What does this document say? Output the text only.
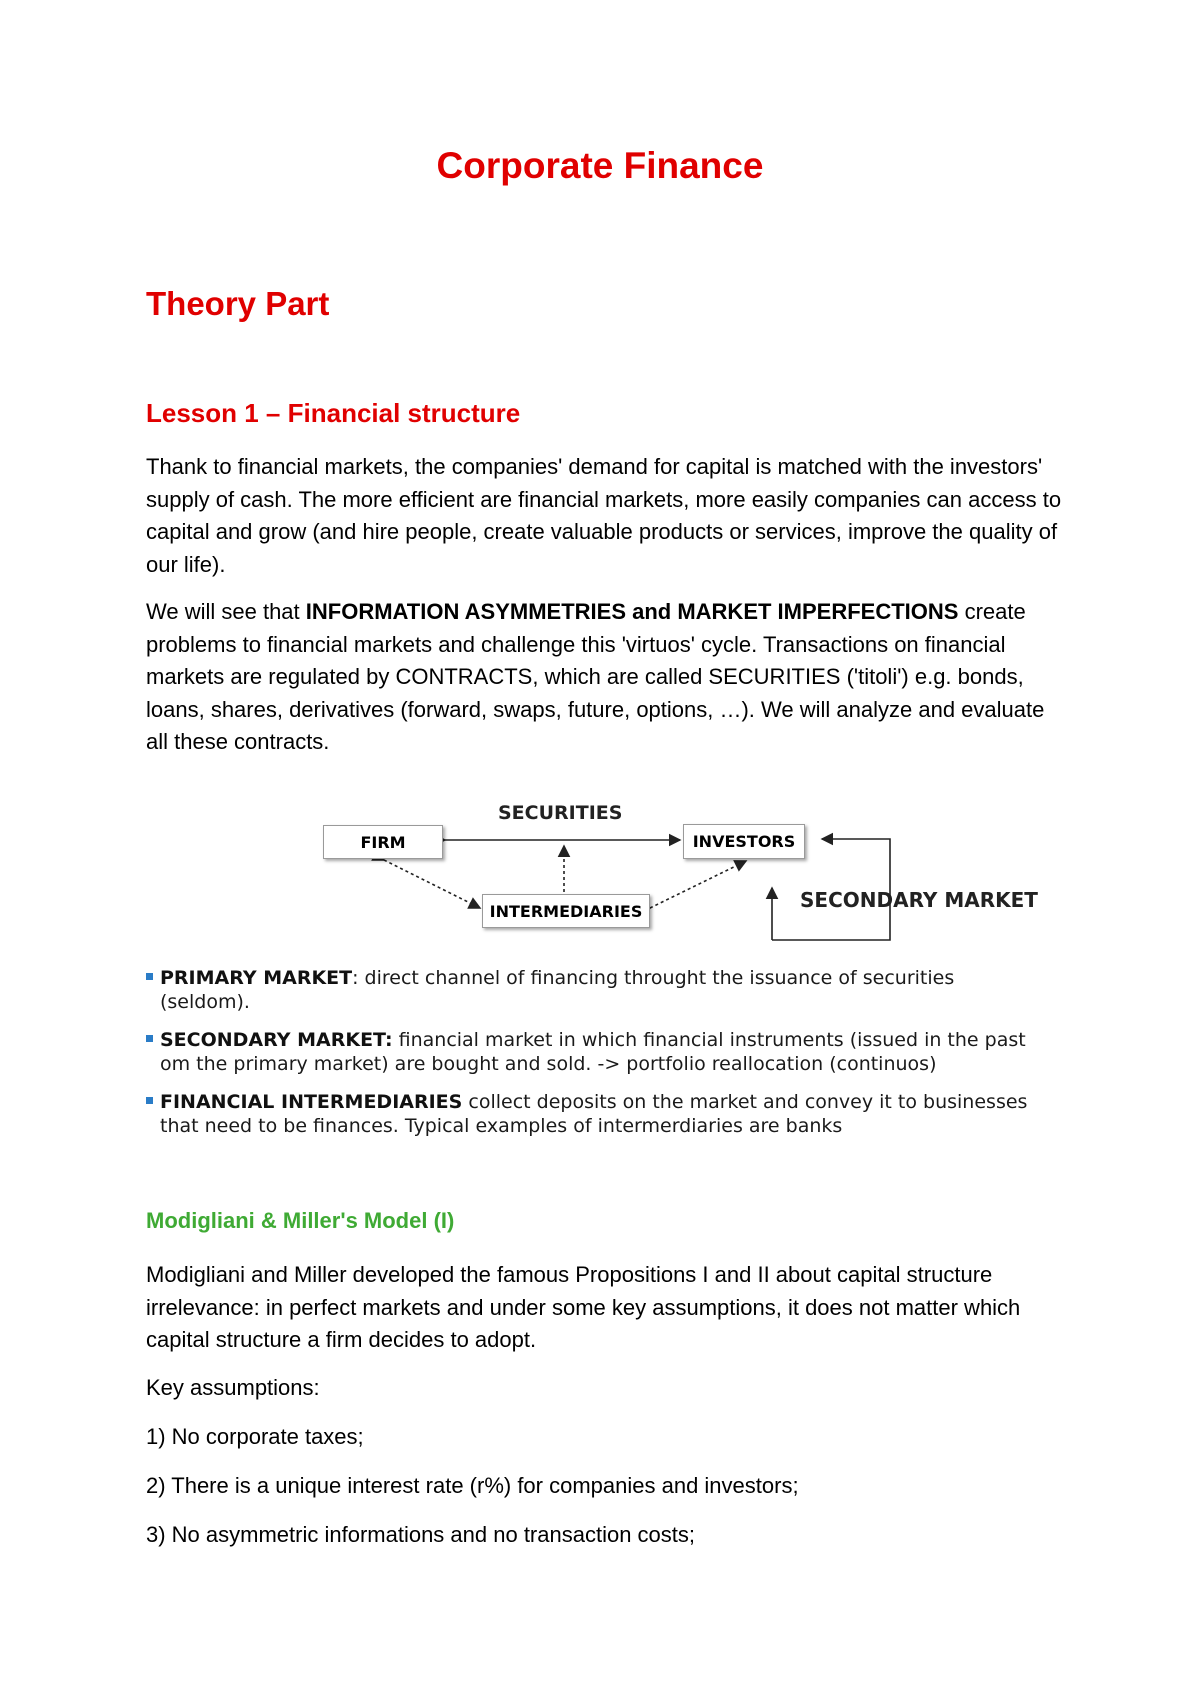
Corporate Finance
Theory Part
Lesson 1 – Financial structure

Thank to financial markets, the companies' demand for capital is matched with the investors' supply of cash. The more efficient are financial markets, more easily companies can access to capital and grow (and hire people, create valuable products or services, improve the quality of our life).

We will see that INFORMATION ASYMMETRIES and MARKET IMPERFECTIONS create problems to financial markets and challenge this 'virtuos' cycle. Transactions on financial markets are regulated by CONTRACTS, which are called SECURITIES ('titoli') e.g. bonds, loans, shares, derivatives (forward, swaps, future, options, …). We will analyze and evaluate all these contracts.

FIRM	INVESTORS
INTERMEDIARIES
SECURITIES
SECONDARY MARKET
PRIMARY MARKET: direct channel of financing throught the issuance of securities (seldom).
SECONDARY MARKET: financial market in which financial instruments (issued in the past om the primary market) are bought and sold. -> portfolio reallocation (continuos)
FINANCIAL INTERMEDIARIES collect deposits on the market and convey it to businesses that need to be finances. Typical examples of intermerdiaries are banks
Modigliani & Miller's Model (I)

Modigliani and Miller developed the famous Propositions I and II about capital structure irrelevance: in perfect markets and under some key assumptions, it does not matter which capital structure a firm decides to adopt.

Key assumptions:

1) No corporate taxes;

2) There is a unique interest rate (r%) for companies and investors;

3) No asymmetric informations and no transaction costs;
